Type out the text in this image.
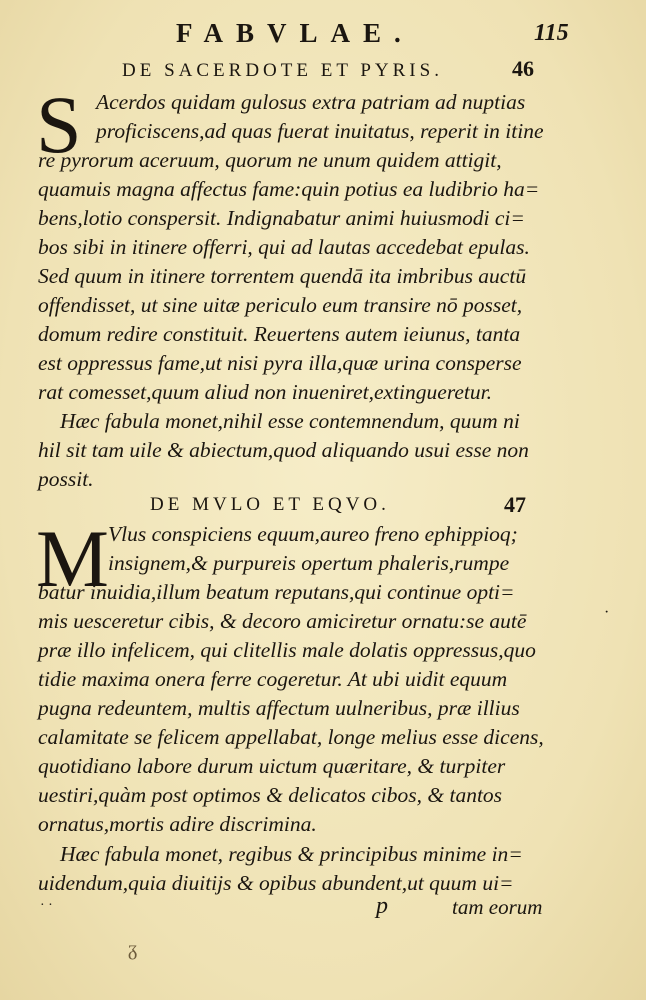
FABVLAE.	115
DE SACERDOTE ET PYRIS.	46
S Acerdos quidam gulosus extra patriam ad nuptias
proficiscens,ad quas fuerat inuitatus, reperit in itine
re pyrorum aceruum, quorum ne unum quidem attigit,
quamuis magna affectus fame:quin potius ea ludibrio ha=
bens,lotio conspersit. Indignabatur animi huiusmodi ci=
bos sibi in itinere offerri, qui ad lautas accedebat epulas.
Sed quum in itinere torrentem quendā ita imbribus auctū
offendisset, ut sine uitæ periculo eum transire nō posset,
domum redire constituit. Reuertens autem ieiunus, tanta
est oppressus fame,ut nisi pyra illa,quæ urina consperse
rat comesset,quum aliud non inueniret,extingueretur.
Hæc fabula monet,nihil esse contemnendum, quum ni
hil sit tam uile & abiectum,quod aliquando usui esse non
possit.
DE MVLO ET EQVO.	47
M Vlus conspiciens equum,aureo freno ephippioq;
insignem,& purpureis opertum phaleris,rumpe
batur inuidia,illum beatum reputans,qui continue opti=
mis uesceretur cibis, & decoro amiciretur ornatu:se autē
præ illo infelicem, qui clitellis male dolatis oppressus,quo
tidie maxima onera ferre cogeretur. At ubi uidit equum
pugna redeuntem, multis affectum uulneribus, præ illius
calamitate se felicem appellabat, longe melius esse dicens,
quotidiano labore durum uictum quæritare, & turpiter
uestiri,quàm post optimos & delicatos cibos, & tantos
ornatus,mortis adire discrimina.
Hæc fabula monet, regibus & principibus minime in=
uidendum,quia diuitijs & opibus abundent,ut quum ui=
·
· ·	p	tam eorum
ᵹ
